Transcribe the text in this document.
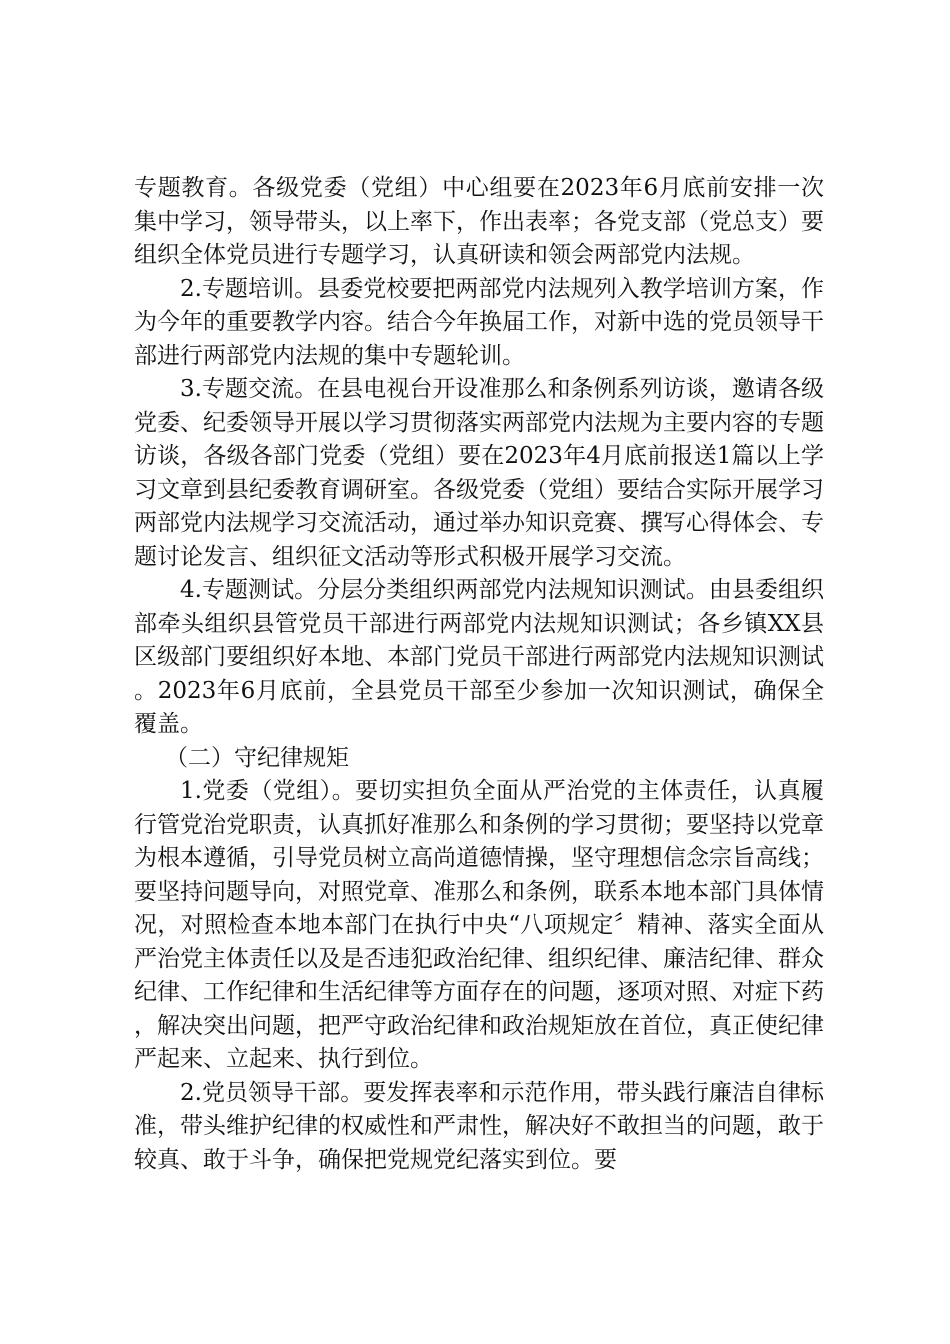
专题教育。各级党委（党组）中心组要在2023年6月底前安排一次集中学习，领导带头，以上率下，作出表率；各党支部（党总支）要组织全体党员进行专题学习，认真研读和领会两部党内法规。

2.专题培训。县委党校要把两部党内法规列入教学培训方案，作为今年的重要教学内容。结合今年换届工作，对新中选的党员领导干部进行两部党内法规的集中专题轮训。

3.专题交流。在县电视台开设准那么和条例系列访谈，邀请各级党委、纪委领导开展以学习贯彻落实两部党内法规为主要内容的专题访谈，各级各部门党委（党组）要在2023年4月底前报送1篇以上学习文章到县纪委教育调研室。各级党委（党组）要结合实际开展学习两部党内法规学习交流活动，通过举办知识竞赛、撰写心得体会、专题讨论发言、组织征文活动等形式积极开展学习交流。

4.专题测试。分层分类组织两部党内法规知识测试。由县委组织部牵头组织县管党员干部进行两部党内法规知识测试；各乡镇XX县区级部门要组织好本地、本部门党员干部进行两部党内法规知识测试。2023年6月底前，全县党员干部至少参加一次知识测试，确保全覆盖。

（二）守纪律规矩

1.党委（党组）。要切实担负全面从严治党的主体责任，认真履行管党治党职责，认真抓好准那么和条例的学习贯彻；要坚持以党章为根本遵循，引导党员树立高尚道德情操，坚守理想信念宗旨高线；要坚持问题导向，对照党章、准那么和条例，联系本地本部门具体情况，对照检查本地本部门在执行中央“八项规定〞精神、落实全面从严治党主体责任以及是否违犯政治纪律、组织纪律、廉洁纪律、群众纪律、工作纪律和生活纪律等方面存在的问题，逐项对照、对症下药，解决突出问题，把严守政治纪律和政治规矩放在首位，真正使纪律严起来、立起来、执行到位。

2.党员领导干部。要发挥表率和示范作用，带头践行廉洁自律标准，带头维护纪律的权威性和严肃性，解决好不敢担当的问题，敢于较真、敢于斗争，确保把党规党纪落实到位。要
